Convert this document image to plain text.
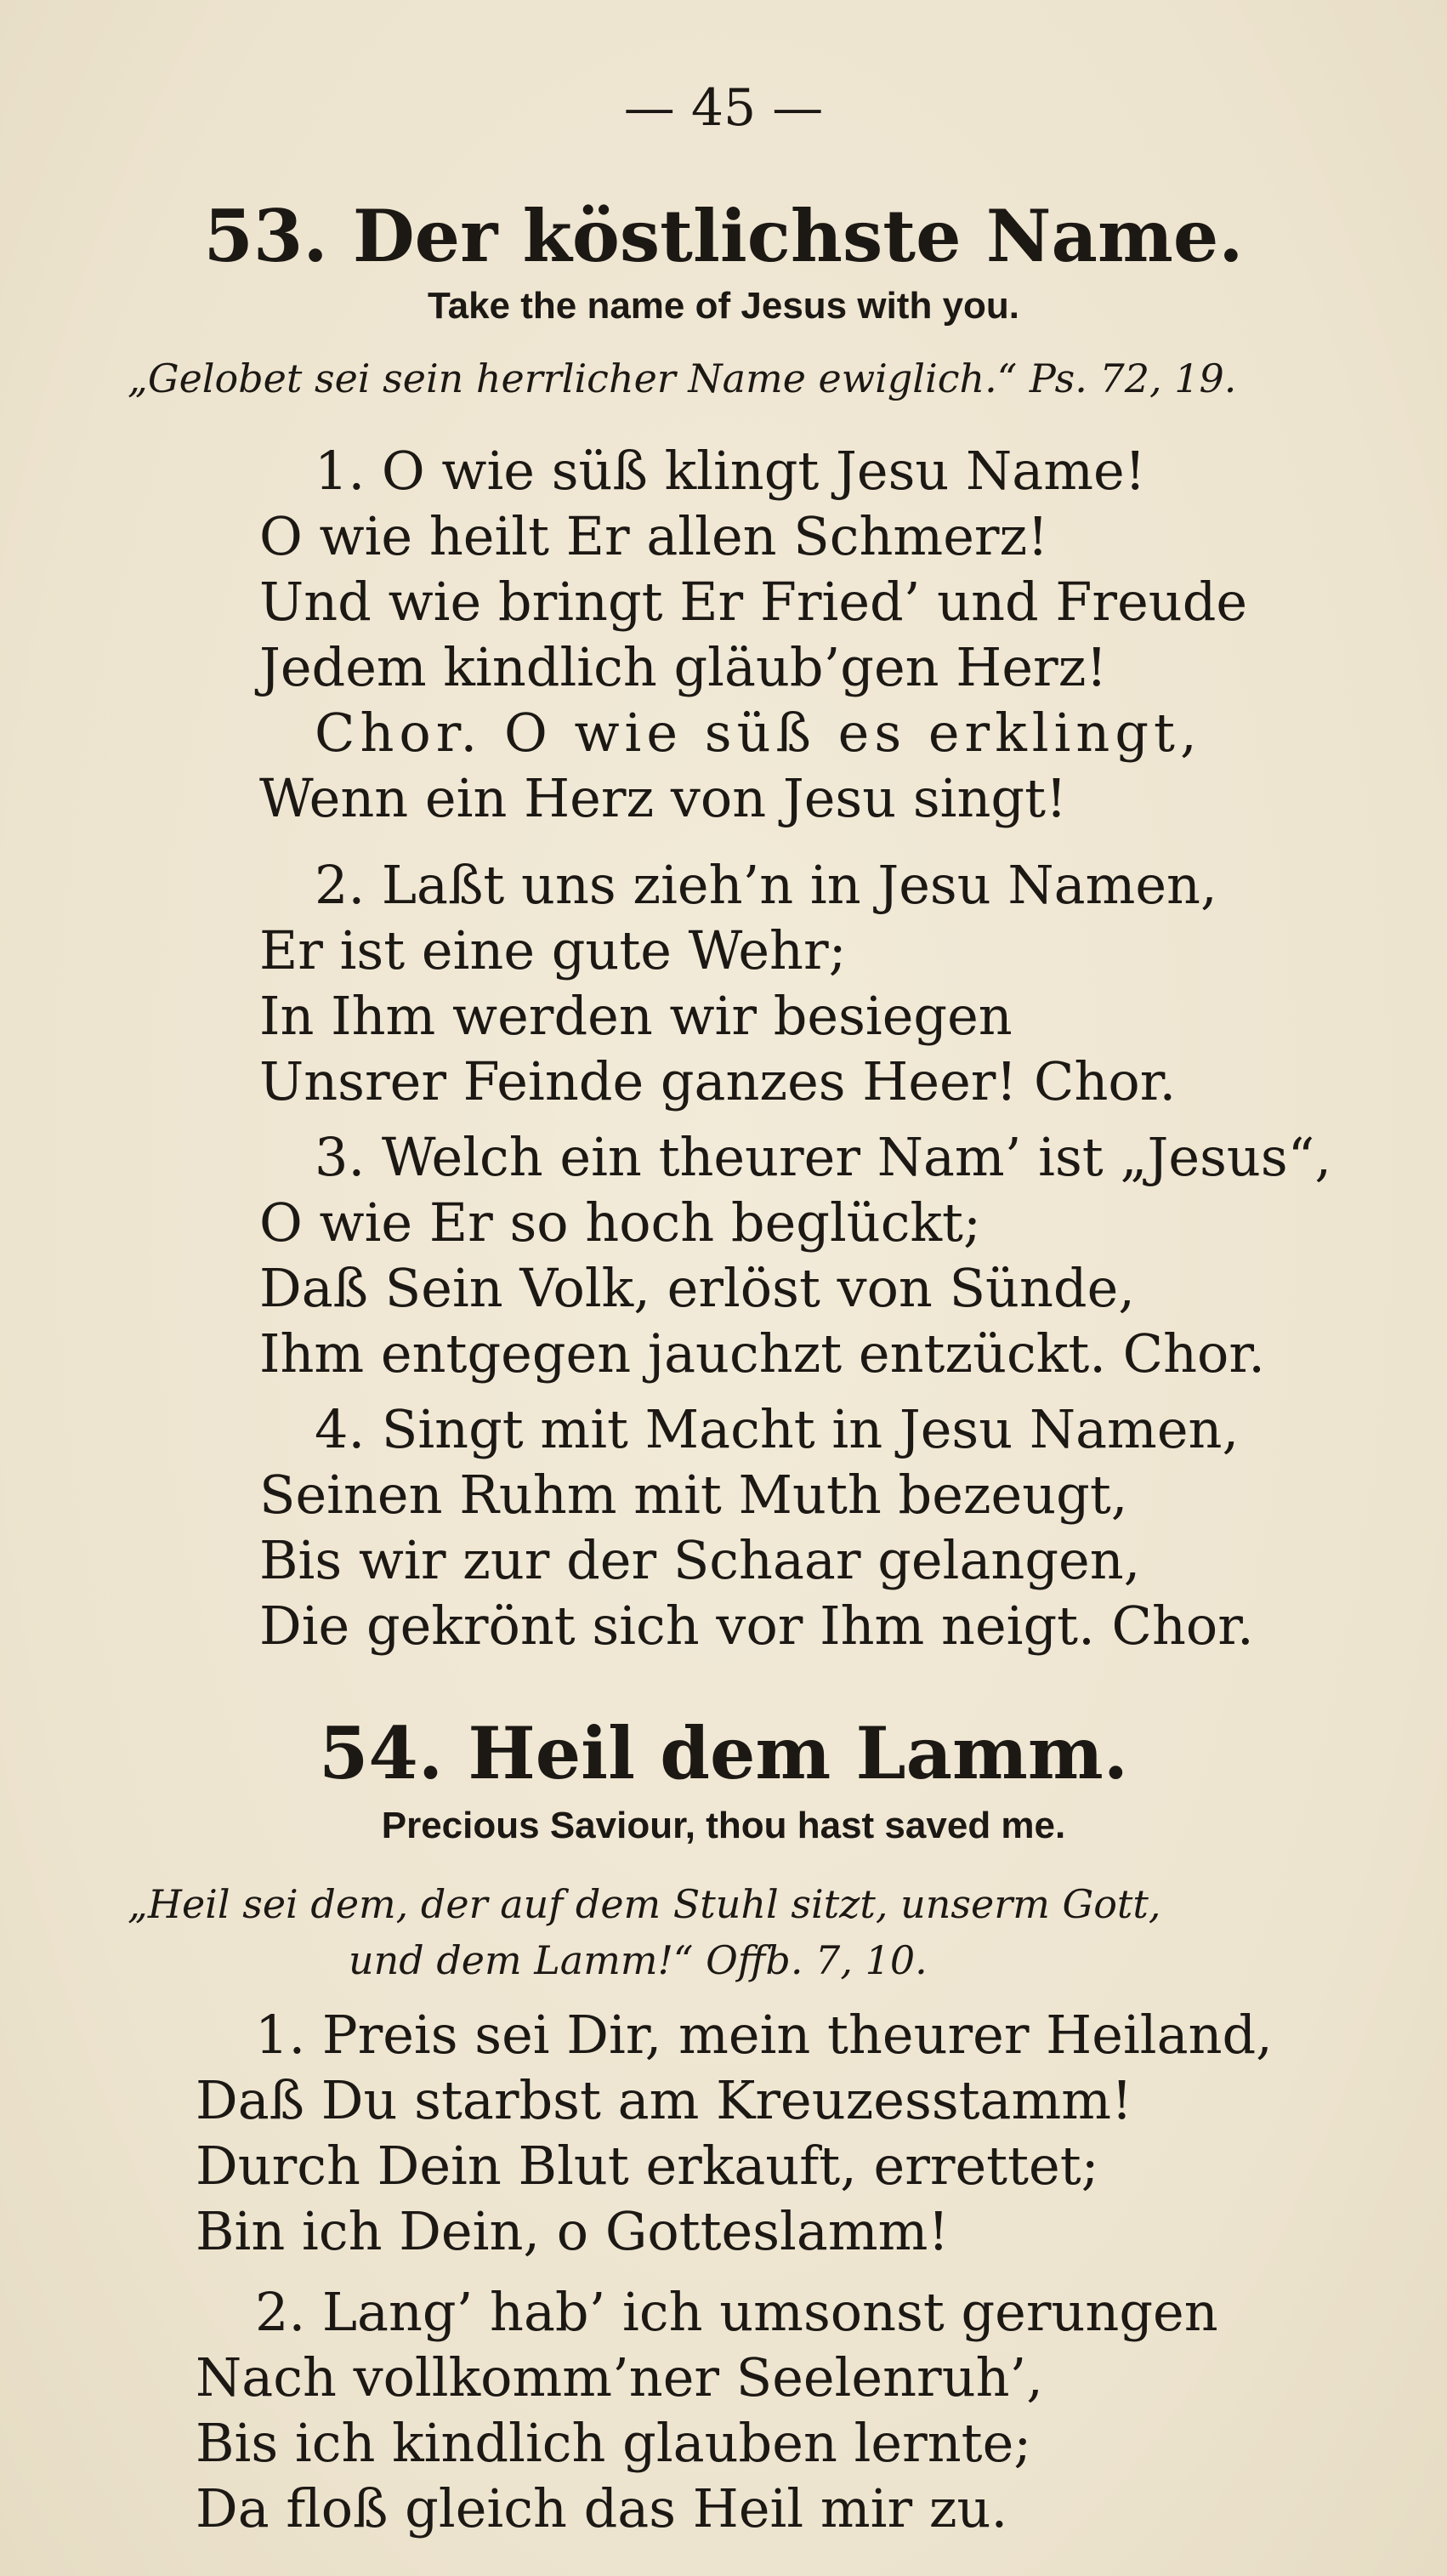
— 45 —
53. Der köstlichste Name.
Take the name of Jesus with you.
„Gelobet sei sein herrlicher Name ewiglich.“ Ps. 72, 19.
1. O wie süß klingt Jesu Name!
O wie heilt Er allen Schmerz!
Und wie bringt Er Fried’ und Freude
Jedem kindlich gläub’gen Herz!
Chor. O wie süß es erklingt,
Wenn ein Herz von Jesu singt!
2. Laßt uns zieh’n in Jesu Namen,
Er ist eine gute Wehr;
In Ihm werden wir besiegen
Unsrer Feinde ganzes Heer! Chor.
3. Welch ein theurer Nam’ ist „Jesus“,
O wie Er so hoch beglückt;
Daß Sein Volk, erlöst von Sünde,
Ihm entgegen jauchzt entzückt. Chor.
4. Singt mit Macht in Jesu Namen,
Seinen Ruhm mit Muth bezeugt,
Bis wir zur der Schaar gelangen,
Die gekrönt sich vor Ihm neigt. Chor.
54. Heil dem Lamm.
Precious Saviour, thou hast saved me.
„Heil sei dem, der auf dem Stuhl sitzt, unserm Gott,
und dem Lamm!“ Offb. 7, 10.
1. Preis sei Dir, mein theurer Heiland,
Daß Du starbst am Kreuzesstamm!
Durch Dein Blut erkauft, errettet;
Bin ich Dein, o Gotteslamm!
2. Lang’ hab’ ich umsonst gerungen
Nach vollkomm’ner Seelenruh’,
Bis ich kindlich glauben lernte;
Da floß gleich das Heil mir zu.
